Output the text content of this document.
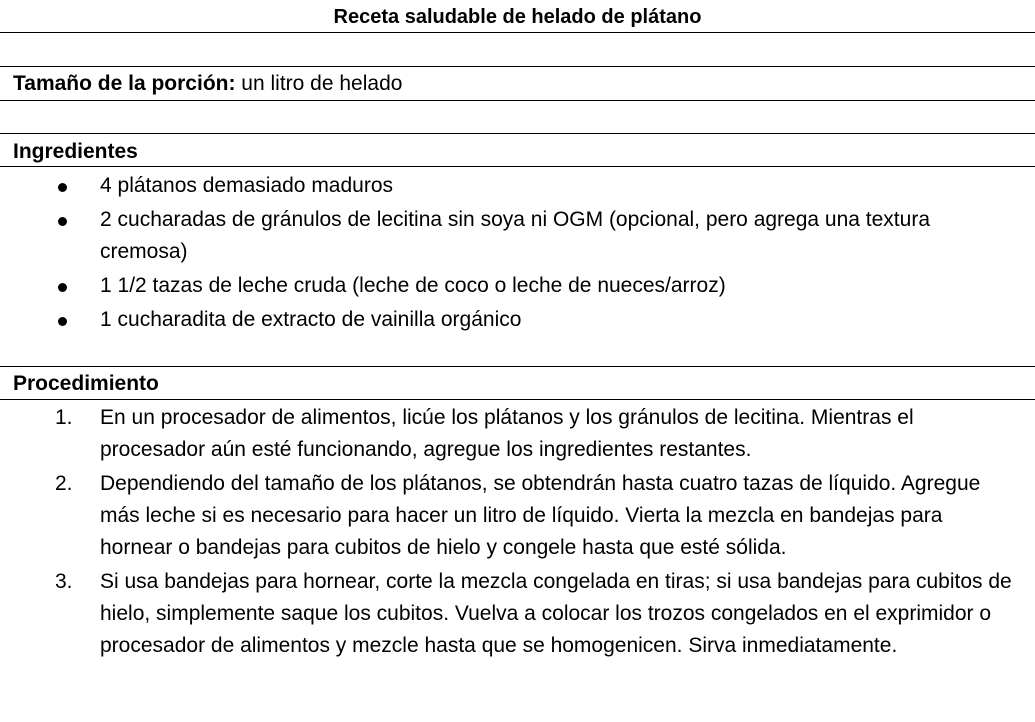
Receta saludable de helado de plátano
Tamaño de la porción: un litro de helado
Ingredientes
4 plátanos demasiado maduros
2 cucharadas de gránulos de lecitina sin soya ni OGM (opcional, pero agrega una textura cremosa)
1 1/2 tazas de leche cruda (leche de coco o leche de nueces/arroz)
1 cucharadita de extracto de vainilla orgánico
Procedimiento
1.	En un procesador de alimentos, licúe los plátanos y los gránulos de lecitina. Mientras el procesador aún esté funcionando, agregue los ingredientes restantes.
2.	Dependiendo del tamaño de los plátanos, se obtendrán hasta cuatro tazas de líquido. Agregue más leche si es necesario para hacer un litro de líquido. Vierta la mezcla en bandejas para hornear o bandejas para cubitos de hielo y congele hasta que esté sólida.
3.	Si usa bandejas para hornear, corte la mezcla congelada en tiras; si usa bandejas para cubitos de hielo, simplemente saque los cubitos. Vuelva a colocar los trozos congelados en el exprimidor o procesador de alimentos y mezcle hasta que se homogenicen. Sirva inmediatamente.
